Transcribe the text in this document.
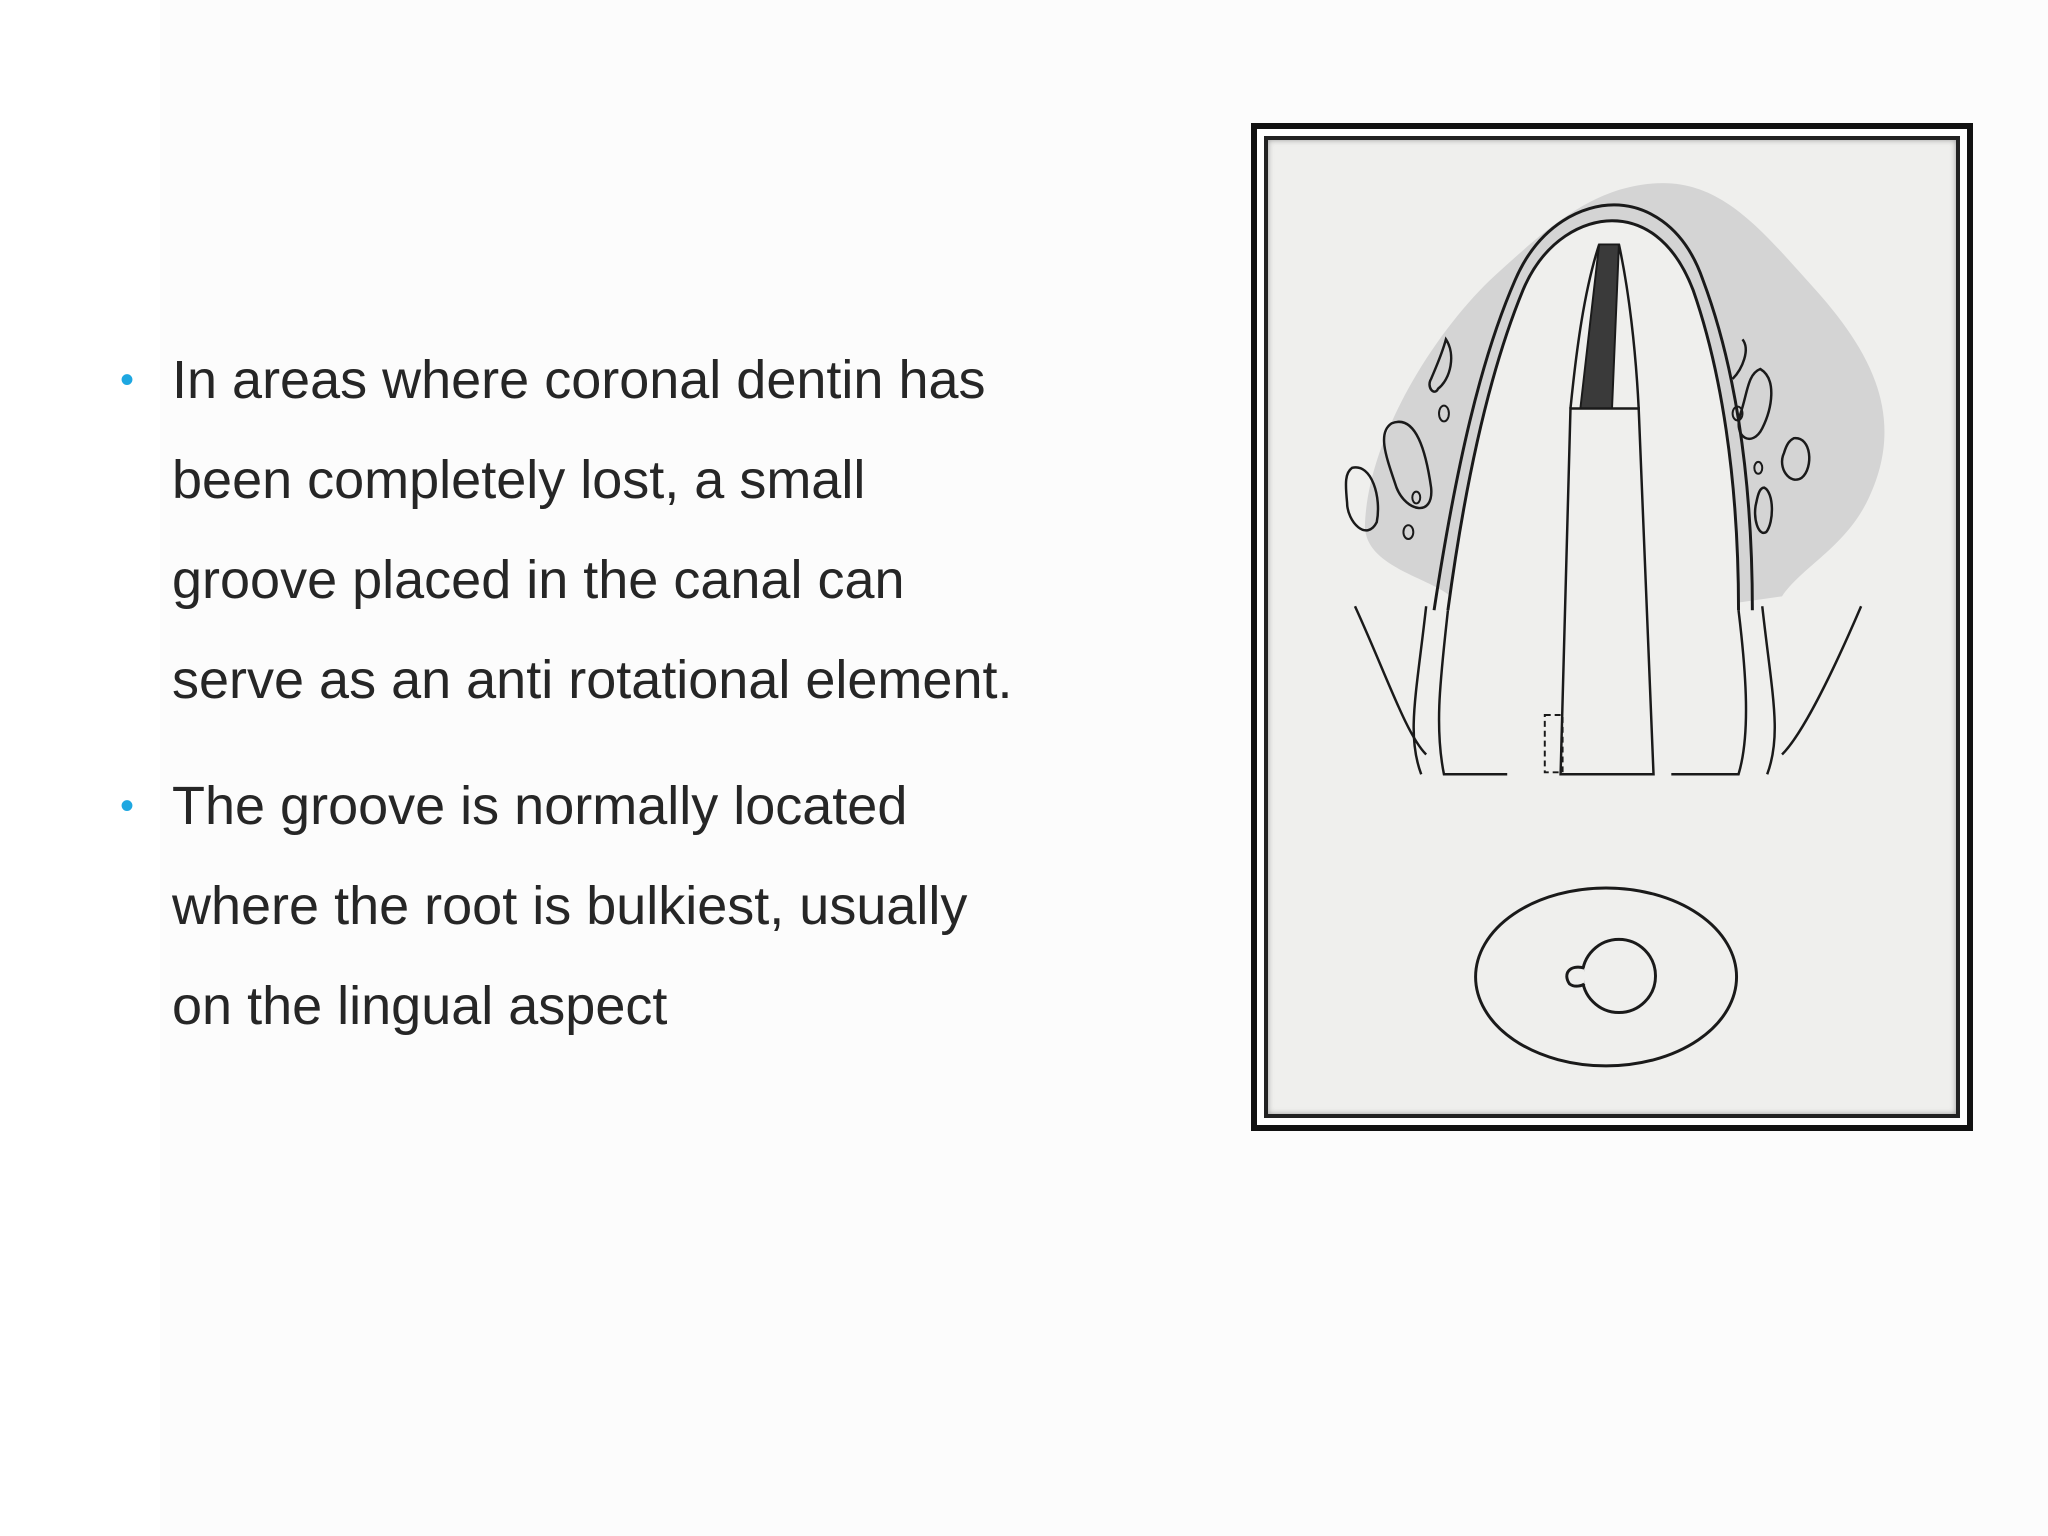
• In areas where coronal dentin has
been completely lost, a small
groove placed in the canal can
serve as an anti rotational element.
• The groove is normally located
where the root is bulkiest, usually
on the lingual aspect
